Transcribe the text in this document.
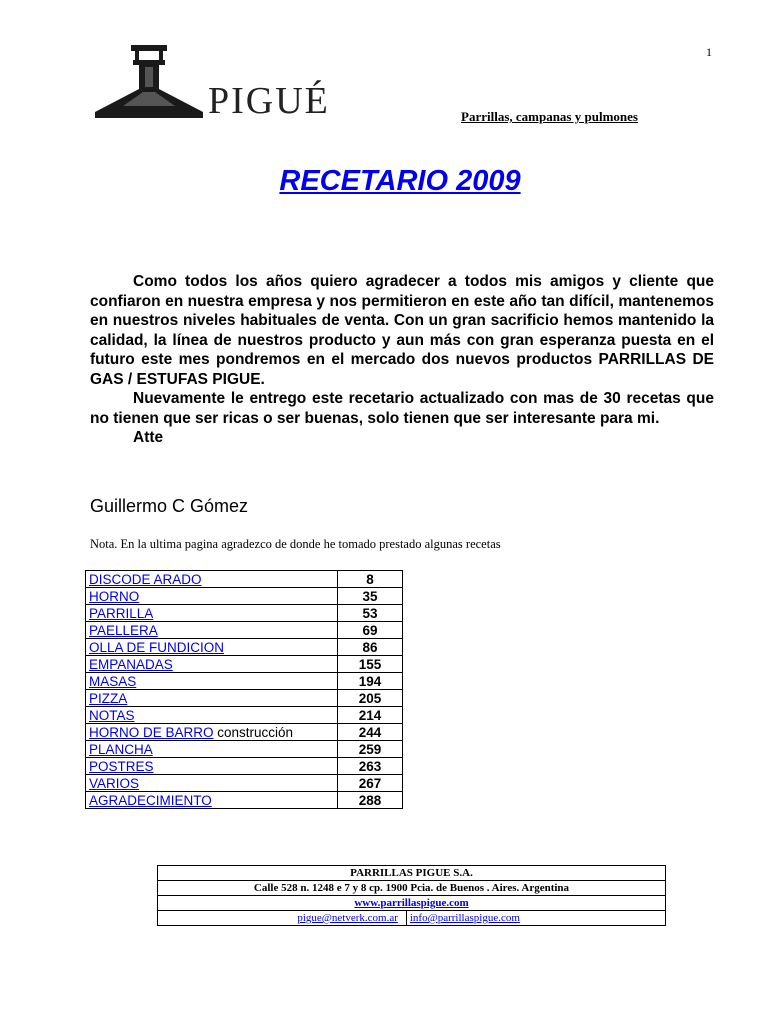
1
PIGUÉ	Parrillas, campanas y pulmones
RECETARIO 2009

Como todos los años quiero agradecer a todos mis amigos y cliente que confiaron en nuestra empresa y nos permitieron en este año tan difícil, mantenemos en nuestros niveles habituales de venta. Con un gran sacrificio hemos mantenido la calidad, la línea de nuestros producto y aun más con gran esperanza puesta en el futuro este mes pondremos en el mercado dos nuevos productos PARRILLAS DE GAS / ESTUFAS PIGUE.

Nuevamente le entrego este recetario actualizado con mas de 30 recetas que no tienen que ser ricas o ser buenas, solo tienen que ser interesante para mi.

Atte

Guillermo C Gómez
Nota. En la ultima pagina agradezco de donde he tomado prestado algunas recetas
DISCODE ARADO	8
HORNO	35
PARRILLA	53
PAELLERA	69
OLLA DE FUNDICION	86
EMPANADAS	155
MASAS	194
PIZZA	205
NOTAS	214
HORNO DE BARRO construcción	244
PLANCHA	259
POSTRES	263
VARIOS	267
AGRADECIMIENTO	288
PARRILLAS PIGUE S.A.
Calle 528 n. 1248 e 7 y 8 cp. 1900 Pcia. de Buenos . Aires. Argentina
www.parrillaspigue.com
pigue@netverk.com.ar	info@parrillaspigue.com
